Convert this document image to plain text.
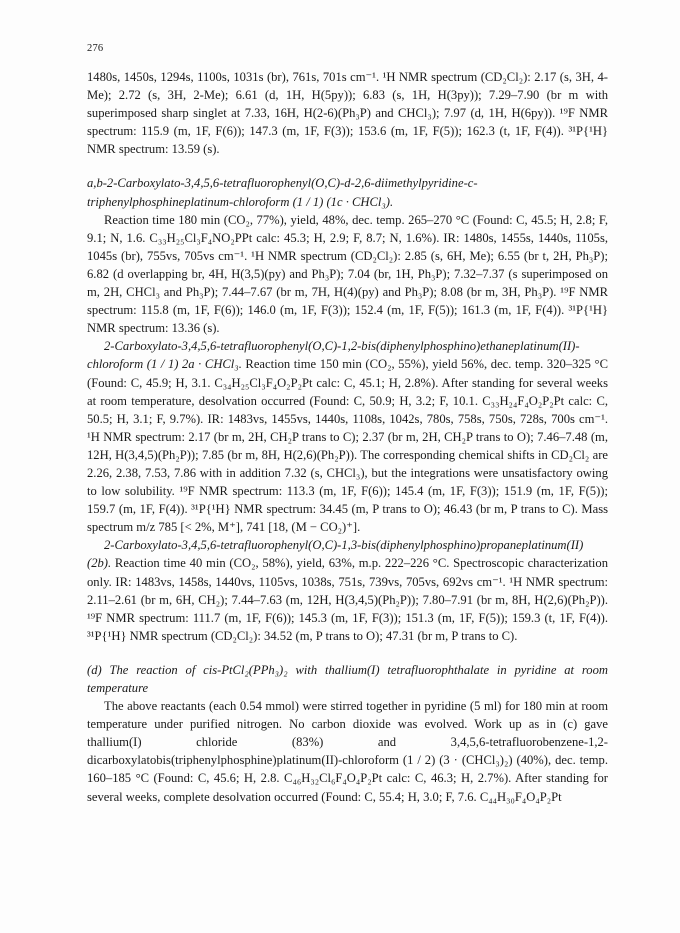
276

1480s, 1450s, 1294s, 1100s, 1031s (br), 761s, 701s cm⁻¹. ¹H NMR spectrum (CD₂Cl₂): 2.17 (s, 3H, 4-Me); 2.72 (s, 3H, 2-Me); 6.61 (d, 1H, H(5py)); 6.83 (s, 1H, H(3py)); 7.29–7.90 (br m with superimposed sharp singlet at 7.33, 16H, H(2-6)(Ph₃P) and CHCl₃); 7.97 (d, 1H, H(6py)). ¹⁹F NMR spectrum: 115.9 (m, 1F, F(6)); 147.3 (m, 1F, F(3)); 153.6 (m, 1F, F(5)); 162.3 (t, 1F, F(4)). ³¹P{¹H} NMR spectrum: 13.59 (s).

a,b-2-Carboxylato-3,4,5,6-tetrafluorophenyl(O,C)-d-2,6-diimethylpyridine-c-triphenylphosphineplatinum-chloroform (1 / 1) (1c · CHCl₃).

Reaction time 180 min (CO₂, 77%), yield, 48%, dec. temp. 265–270 °C (Found: C, 45.5; H, 2.8; F, 9.1; N, 1.6. C₃₃H₂₅Cl₃F₄NO₂PPt calc: 45.3; H, 2.9; F, 8.7; N, 1.6%). IR: 1480s, 1455s, 1440s, 1105s, 1045s (br), 755vs, 705vs cm⁻¹. ¹H NMR spectrum (CD₂Cl₂): 2.85 (s, 6H, Me); 6.55 (br t, 2H, Ph₃P); 6.82 (d overlapping br, 4H, H(3,5)(py) and Ph₃P); 7.04 (br, 1H, Ph₃P); 7.32–7.37 (s superimposed on m, 2H, CHCl₃ and Ph₃P); 7.44–7.67 (br m, 7H, H(4)(py) and Ph₃P); 8.08 (br m, 3H, Ph₃P). ¹⁹F NMR spectrum: 115.8 (m, 1F, F(6)); 146.0 (m, 1F, F(3)); 152.4 (m, 1F, F(5)); 161.3 (m, 1F, F(4)). ³¹P{¹H} NMR spectrum: 13.36 (s).

2-Carboxylato-3,4,5,6-tetrafluorophenyl(O,C)-1,2-bis(diphenylphosphino)ethaneplatinum(II)-chloroform (1 / 1) 2a · CHCl₃. Reaction time 150 min (CO₂, 55%), yield 56%, dec. temp. 320–325 °C (Found: C, 45.9; H, 3.1. C₃₄H₂₅Cl₃F₄O₂P₂Pt calc: C, 45.1; H, 2.8%). After standing for several weeks at room temperature, desolvation occurred (Found: C, 50.9; H, 3.2; F, 10.1. C₃₃H₂₄F₄O₂P₂Pt calc: C, 50.5; H, 3.1; F, 9.7%). IR: 1483vs, 1455vs, 1440s, 1108s, 1042s, 780s, 758s, 750s, 728s, 700s cm⁻¹. ¹H NMR spectrum: 2.17 (br m, 2H, CH₂P trans to C); 2.37 (br m, 2H, CH₂P trans to O); 7.46–7.48 (m, 12H, H(3,4,5)(Ph₂P)); 7.85 (br m, 8H, H(2,6)(Ph₂P)). The corresponding chemical shifts in CD₂Cl₂ are 2.26, 2.38, 7.53, 7.86 with in addition 7.32 (s, CHCl₃), but the integrations were unsatisfactory owing to low solubility. ¹⁹F NMR spectrum: 113.3 (m, 1F, F(6)); 145.4 (m, 1F, F(3)); 151.9 (m, 1F, F(5)); 159.7 (m, 1F, F(4)). ³¹P{¹H} NMR spectrum: 34.45 (m, P trans to O); 46.43 (br m, P trans to C). Mass spectrum m/z 785 [< 2%, M⁺], 741 [18, (M − CO₂)⁺].

2-Carboxylato-3,4,5,6-tetrafluorophenyl(O,C)-1,3-bis(diphenylphosphino)propaneplatinum(II) (2b). Reaction time 40 min (CO₂, 58%), yield, 63%, m.p. 222–226 °C. Spectroscopic characterization only. IR: 1483vs, 1458s, 1440vs, 1105vs, 1038s, 751s, 739vs, 705vs, 692vs cm⁻¹. ¹H NMR spectrum: 2.11–2.61 (br m, 6H, CH₂); 7.44–7.63 (m, 12H, H(3,4,5)(Ph₂P)); 7.80–7.91 (br m, 8H, H(2,6)(Ph₂P)). ¹⁹F NMR spectrum: 111.7 (m, 1F, F(6)); 145.3 (m, 1F, F(3)); 151.3 (m, 1F, F(5)); 159.3 (t, 1F, F(4)). ³¹P{¹H} NMR spectrum (CD₂Cl₂): 34.52 (m, P trans to O); 47.31 (br m, P trans to C).

(d) The reaction of cis-PtCl₂(PPh₃)₂ with thallium(I) tetrafluorophthalate in pyridine at room temperature

The above reactants (each 0.54 mmol) were stirred together in pyridine (5 ml) for 180 min at room temperature under purified nitrogen. No carbon dioxide was evolved. Work up as in (c) gave thallium(I) chloride (83%) and 3,4,5,6-tetrafluorobenzene-1,2-dicarboxylatobis(triphenylphosphine)platinum(II)-chloroform (1 / 2) (3 · (CHCl₃)₂) (40%), dec. temp. 160–185 °C (Found: C, 45.6; H, 2.8. C₄₆H₃₂Cl₆F₄O₄P₂Pt calc: C, 46.3; H, 2.7%). After standing for several weeks, complete desolvation occurred (Found: C, 55.4; H, 3.0; F, 7.6. C₄₄H₃₀F₄O₄P₂Pt
